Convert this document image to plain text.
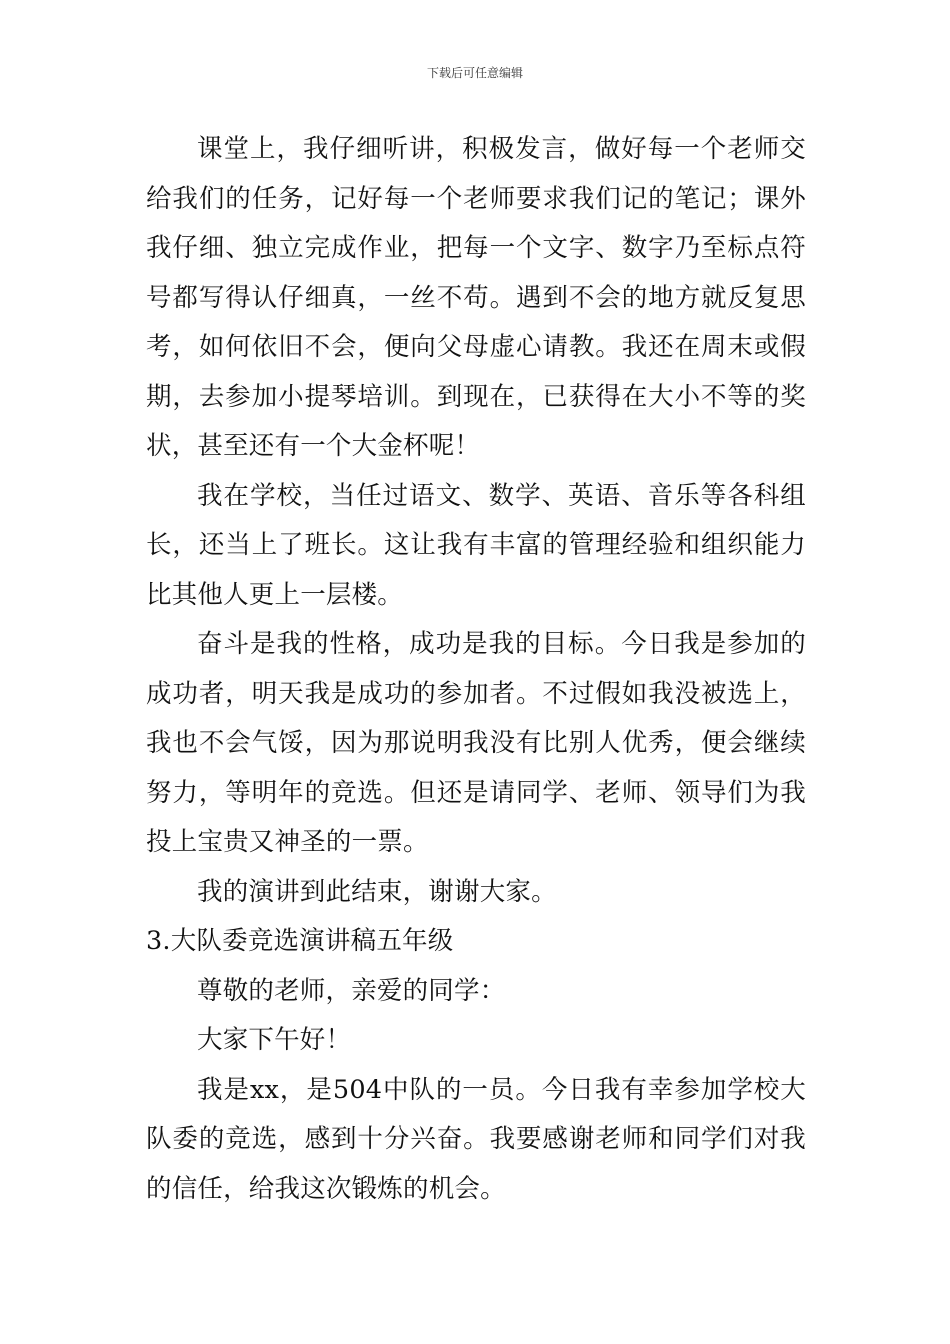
下载后可任意编辑

课堂上，我仔细听讲，积极发言，做好每一个老师交给我们的任务，记好每一个老师要求我们记的笔记；课外我仔细、独立完成作业，把每一个文字、数字乃至标点符号都写得认仔细真，一丝不苟。遇到不会的地方就反复思考，如何依旧不会，便向父母虚心请教。我还在周末或假期，去参加小提琴培训。到现在，已获得在大小不等的奖状，甚至还有一个大金杯呢！

我在学校，当任过语文、数学、英语、音乐等各科组长，还当上了班长。这让我有丰富的管理经验和组织能力比其他人更上一层楼。

奋斗是我的性格，成功是我的目标。今日我是参加的成功者，明天我是成功的参加者。不过假如我没被选上，我也不会气馁，因为那说明我没有比别人优秀，便会继续努力，等明年的竞选。但还是请同学、老师、领导们为我投上宝贵又神圣的一票。

我的演讲到此结束，谢谢大家。

3.大队委竞选演讲稿五年级

尊敬的老师，亲爱的同学：

大家下午好！

我是xx，是504中队的一员。今日我有幸参加学校大队委的竞选，感到十分兴奋。我要感谢老师和同学们对我的信任，给我这次锻炼的机会。
